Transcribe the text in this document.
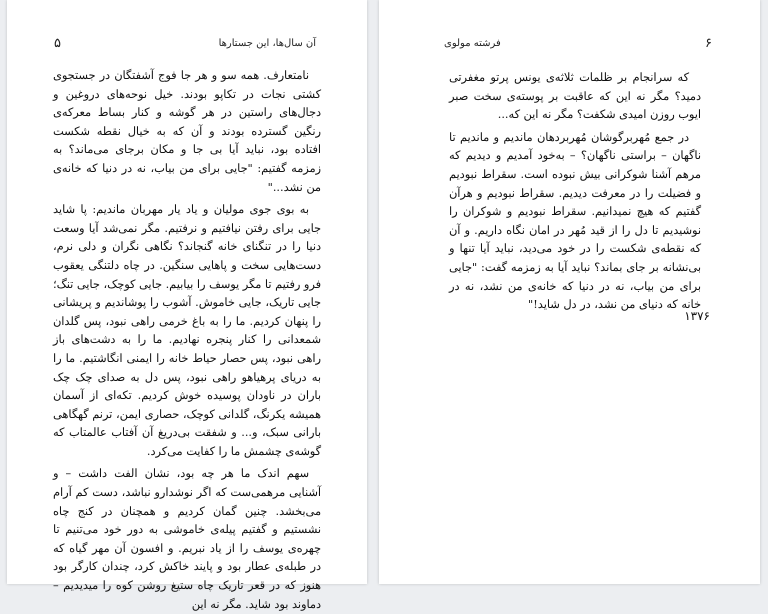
۵	آن سال‌ها، این جستارها

نامتعارف. همه سو و هر جا فوج آشفتگان در جستجوی کشتی نجات در تکاپو بودند. خیل نوحه‌های دروغین و دجال‌های راستین در هر گوشه و کنار بساط معرکه‌ی رنگین گسترده بودند و آن که به خیال نقطه شکست افتاده بود، نباید آیا بی جا و مکان برجای می‌ماند؟ به زمزمه گفتیم: "جایی برای من بیاب، نه در دنیا که خانه‌ی من نشد..."

به بوی جوی مولیان و یاد یار مهربان ماندیم: پا شاید جایی برای رفتن نیافتیم و نرفتیم. مگر نمی‌شد آیا وسعت دنیا را در تنگنای خانه گنجاند؟ نگاهی نگران و دلی نرم، دست‌هایی سخت و پاهایی سنگین. در چاه دلتنگی یعقوب فرو رفتیم تا مگر یوسف را بیابیم. جایی کوچک، جایی تنگ؛ جایی تاریک، جایی خاموش. آشوب را پوشاندیم و پریشانی را پنهان کردیم. ما را به باغ خرمی راهی نبود، پس گلدان شمعدانی را کنار پنجره نهادیم. ما را به دشت‌های باز راهی نبود، پس حصار حیاط خانه را ایمنی انگاشتیم. ما را به دریای پرهیاهو راهی نبود، پس دل به صدای چک چک باران در ناودان پوسیده خوش کردیم. تکه‌ای از آسمان همیشه یکرنگ، گلدانی کوچک، حصاری ایمن، ترنم گهگاهی بارانی سبک، و... و شفقت بی‌دریغ آن آفتاب عالمتاب که گوشه‌ی چشمش ما را کفایت می‌کرد.

سهم اندک ما هر چه بود، نشان الفت داشت – و آشنایی مرهمی‌ست که اگر نوشدارو نباشد، دست کم آرام می‌بخشد. چنین گمان کردیم و همچنان در کنج چاه نشستیم و گفتیم پیله‌ی خاموشی به دور خود می‌تنیم تا چهره‌ی یوسف را از یاد نبریم. و افسون آن مهر گیاه که در طبله‌ی عطار بود و پایند خاکش کرد، چندان کارگر بود هنوز که در قعر تاریک چاه ستیغ روشن کوه را میدیدیم – دماوند بود شاید. مگر نه این

فرشته مولوی	۶

که سرانجام بر ظلمات ثلاثه‌ی یونس پرتو مغفرتی دمید؟ مگر نه این که عاقبت بر پوسته‌ی سخت صبر ایوب روزن امیدی شکفت؟ مگر نه این که...

در جمع مُهربرگوشان مُهربردهان ماندیم و ماندیم تا ناگهان – براستی ناگهان؟ – به‌خود آمدیم و دیدیم که مرهم آشنا شوکرانی بیش نبوده است. سقراط نبودیم و فضیلت را در معرفت دیدیم. سقراط نبودیم و هرآن گفتیم که هیچ نمیدانیم. سقراط نبودیم و شوکران را نوشیدیم تا دل را از قید مُهر در امان نگاه داریم. و آن که نقطه‌ی شکست را در خود می‌دید، نباید آیا تنها و بی‌نشانه بر جای بماند؟ نباید آیا به زمزمه گفت: "جایی برای من بیاب، نه در دنیا که خانه‌ی من نشد، نه در خانه که دنیای من نشد، در دل شاید!"

۱۳۷۶
